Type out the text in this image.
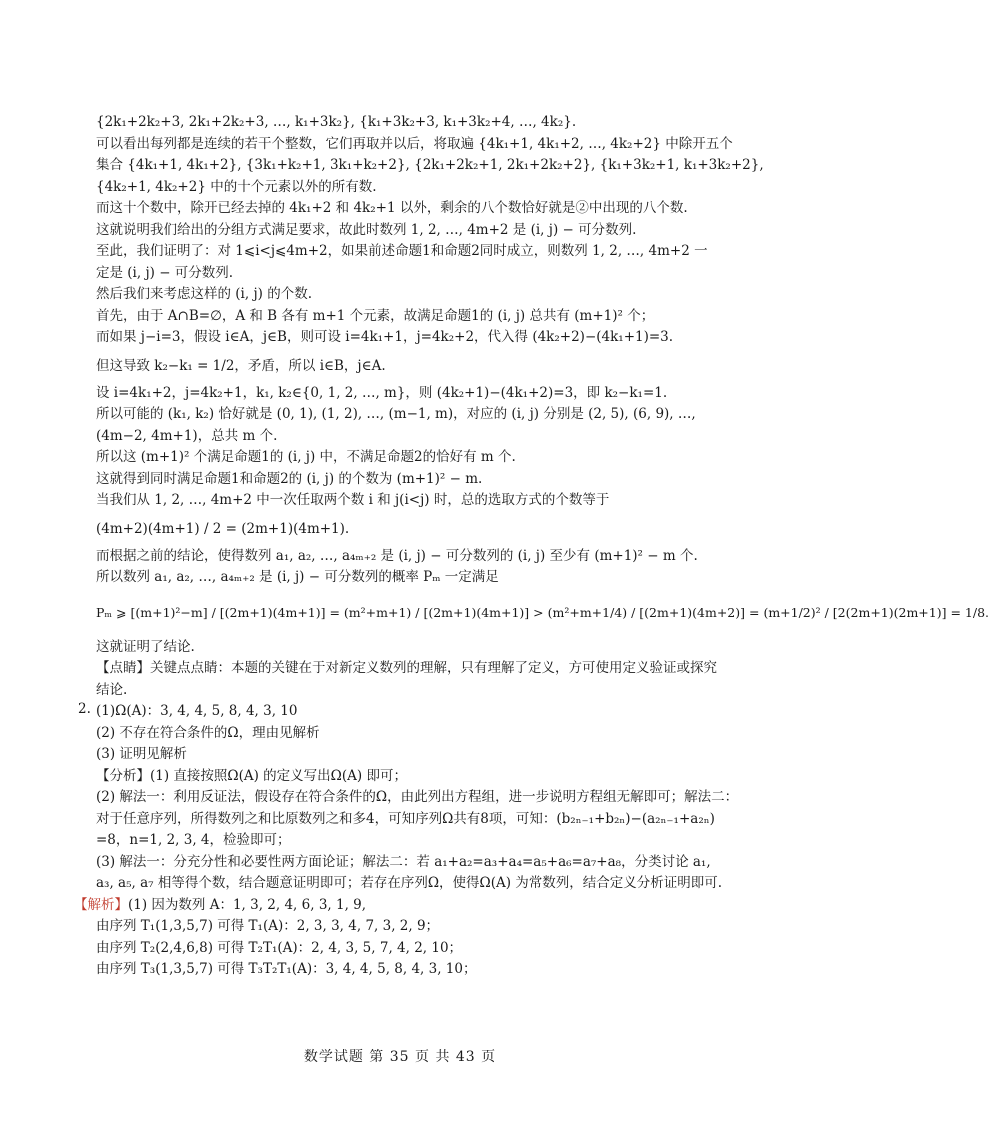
{2k₁+2k₂+3, 2k₁+2k₂+3, …, k₁+3k₂}, {k₁+3k₂+3, k₁+3k₂+4, …, 4k₂}.
可以看出每列都是连续的若干个整数，它们再取并以后，将取遍 {4k₁+1, 4k₁+2, …, 4k₂+2} 中除开五个
集合 {4k₁+1, 4k₁+2}, {3k₁+k₂+1, 3k₁+k₂+2}, {2k₁+2k₂+1, 2k₁+2k₂+2}, {k₁+3k₂+1, k₁+3k₂+2},
{4k₂+1, 4k₂+2} 中的十个元素以外的所有数.
而这十个数中，除开已经去掉的 4k₁+2 和 4k₂+1 以外，剩余的八个数恰好就是②中出现的八个数.
这就说明我们给出的分组方式满足要求，故此时数列 1, 2, …, 4m+2 是 (i, j) − 可分数列.
至此，我们证明了：对 1⩽i<j⩽4m+2，如果前述命题1和命题2同时成立，则数列 1, 2, …, 4m+2 一
定是 (i, j) − 可分数列.
然后我们来考虑这样的 (i, j) 的个数.
首先，由于 A∩B=∅，A 和 B 各有 m+1 个元素，故满足命题1的 (i, j) 总共有 (m+1)² 个；
而如果 j−i=3，假设 i∈A，j∈B，则可设 i=4k₁+1，j=4k₂+2，代入得 (4k₂+2)−(4k₁+1)=3.
但这导致 k₂−k₁ = 1/2，矛盾，所以 i∈B，j∈A.
设 i=4k₁+2，j=4k₂+1，k₁, k₂∈{0, 1, 2, …, m}，则 (4k₂+1)−(4k₁+2)=3，即 k₂−k₁=1.
所以可能的 (k₁, k₂) 恰好就是 (0, 1), (1, 2), …, (m−1, m)，对应的 (i, j) 分别是 (2, 5), (6, 9), …,
(4m−2, 4m+1)，总共 m 个.
所以这 (m+1)² 个满足命题1的 (i, j) 中，不满足命题2的恰好有 m 个.
这就得到同时满足命题1和命题2的 (i, j) 的个数为 (m+1)² − m.
当我们从 1, 2, …, 4m+2 中一次任取两个数 i 和 j(i<j) 时，总的选取方式的个数等于
(4m+2)(4m+1) / 2 = (2m+1)(4m+1).
而根据之前的结论，使得数列 a₁, a₂, …, a₄ₘ₊₂ 是 (i, j) − 可分数列的 (i, j) 至少有 (m+1)² − m 个.
所以数列 a₁, a₂, …, a₄ₘ₊₂ 是 (i, j) − 可分数列的概率 Pₘ 一定满足
Pₘ ⩾ [(m+1)²−m] / [(2m+1)(4m+1)] = (m²+m+1) / [(2m+1)(4m+1)] > (m²+m+1/4) / [(2m+1)(4m+2)] = (m+1/2)² / [2(2m+1)(2m+1)] = 1/8.
这就证明了结论.
【点睛】关键点点睛：本题的关键在于对新定义数列的理解，只有理解了定义，方可使用定义验证或探究
结论.
2. (1)Ω(A)：3, 4, 4, 5, 8, 4, 3, 10
(2) 不存在符合条件的Ω，理由见解析
(3) 证明见解析
【分析】(1) 直接按照Ω(A) 的定义写出Ω(A) 即可；
(2) 解法一：利用反证法，假设存在符合条件的Ω，由此列出方程组，进一步说明方程组无解即可；解法二：
对于任意序列，所得数列之和比原数列之和多4，可知序列Ω共有8项，可知：(b₂ₙ₋₁+b₂ₙ)−(a₂ₙ₋₁+a₂ₙ)
=8，n=1, 2, 3, 4，检验即可；
(3) 解法一：分充分性和必要性两方面论证；解法二：若 a₁+a₂=a₃+a₄=a₅+a₆=a₇+a₈，分类讨论 a₁,
a₃, a₅, a₇ 相等得个数，结合题意证明即可；若存在序列Ω，使得Ω(A) 为常数列，结合定义分析证明即可.
【解析】(1) 因为数列 A：1, 3, 2, 4, 6, 3, 1, 9,
由序列 T₁(1,3,5,7) 可得 T₁(A)：2, 3, 3, 4, 7, 3, 2, 9；
由序列 T₂(2,4,6,8) 可得 T₂T₁(A)：2, 4, 3, 5, 7, 4, 2, 10；
由序列 T₃(1,3,5,7) 可得 T₃T₂T₁(A)：3, 4, 4, 5, 8, 4, 3, 10；
数学试题 第 35 页 共 43 页
